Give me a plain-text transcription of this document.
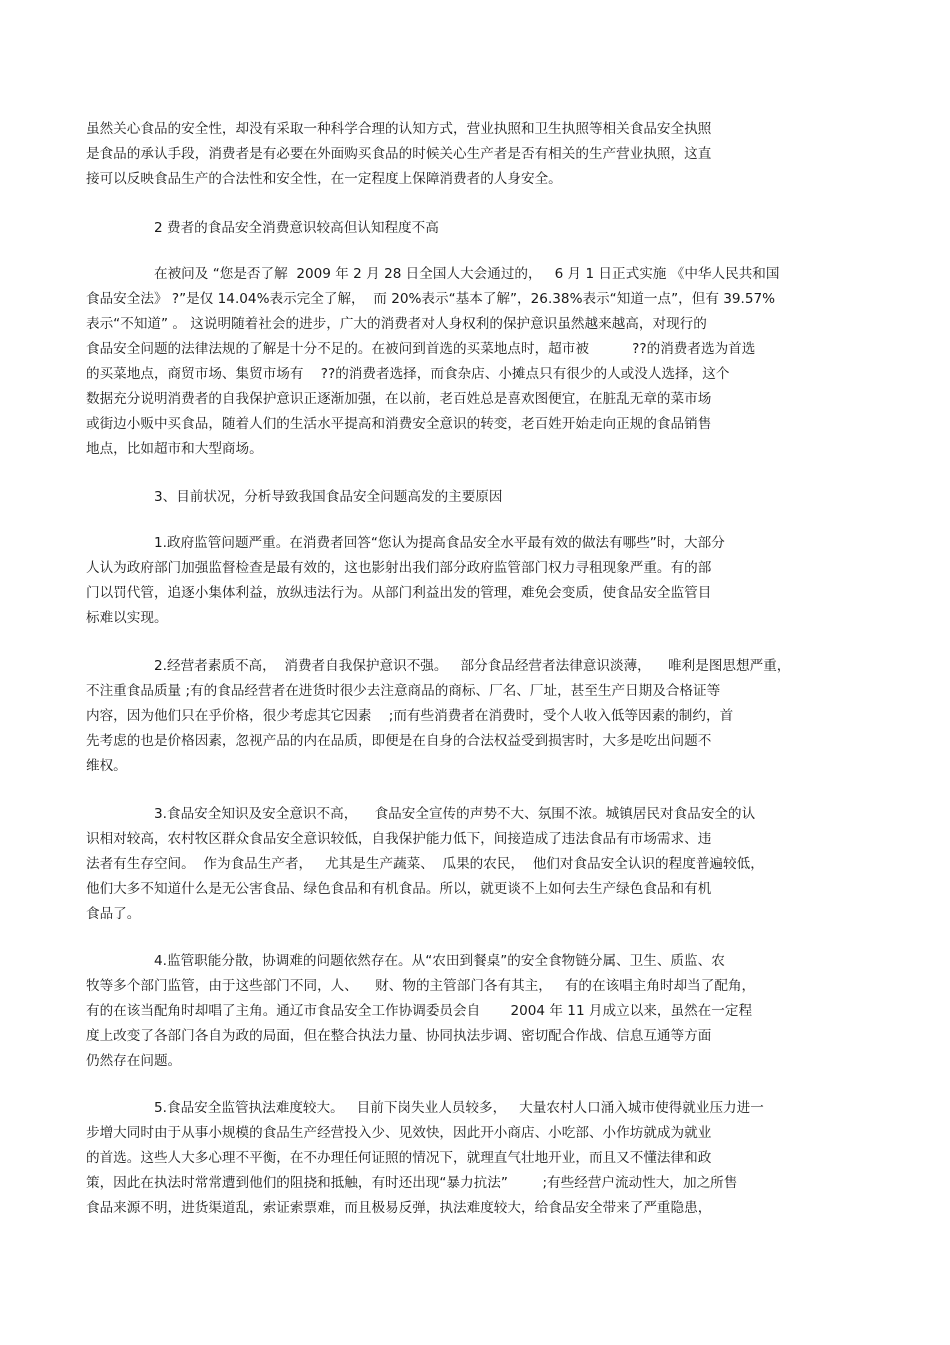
虽然关心食品的安全性，却没有采取一种科学合理的认知方式，营业执照和卫生执照等相关食品安全执照
是食品的承认手段，消费者是有必要在外面购买食品的时候关心生产者是否有相关的生产营业执照，这直
接可以反映食品生产的合法性和安全性，在一定程度上保障消费者的人身安全。
2 费者的食品安全消费意识较高但认知程度不高
在被问及 “您是否了解  2009 年 2 月 28 日全国人大会通过的，   6 月 1 日正式实施 《中华人民共和国
食品安全法》 ?”是仅 14.04%表示完全了解，  而 20%表示“基本了解”，26.38%表示“知道一点”，但有 39.57%
表示“不知道” 。 这说明随着社会的进步，广大的消费者对人身权利的保护意识虽然越来越高，对现行的
食品安全问题的法律法规的了解是十分不足的。在被问到首选的买菜地点时，超市被          ??的消费者选为首选
的买菜地点，商贸市场、集贸市场有    ??的消费者选择，而食杂店、小摊点只有很少的人或没人选择，这个
数据充分说明消费者的自我保护意识正逐渐加强，在以前，老百姓总是喜欢图便宜，在脏乱无章的菜市场
或街边小贩中买食品，随着人们的生活水平提高和消费安全意识的转变，老百姓开始走向正规的食品销售
地点，比如超市和大型商场。
3、目前状况，分析导致我国食品安全问题高发的主要原因
1.政府监管问题严重。在消费者回答“您认为提高食品安全水平最有效的做法有哪些”时，大部分
人认为政府部门加强监督检查是最有效的，这也影射出我们部分政府监管部门权力寻租现象严重。有的部
门以罚代管，追逐小集体利益，放纵违法行为。从部门利益出发的管理，难免会变质，使食品安全监管目
标难以实现。
2.经营者素质不高，  消费者自我保护意识不强。   部分食品经营者法律意识淡薄，    唯利是图思想严重，
不注重食品质量 ;有的食品经营者在进货时很少去注意商品的商标、厂名、厂址，甚至生产日期及合格证等
内容，因为他们只在乎价格，很少考虑其它因素    ;而有些消费者在消费时，受个人收入低等因素的制约，首
先考虑的也是价格因素，忽视产品的内在品质，即便是在自身的合法权益受到损害时，大多是吃出问题不
维权。
3.食品安全知识及安全意识不高，    食品安全宣传的声势不大、氛围不浓。城镇居民对食品安全的认
识相对较高，农村牧区群众食品安全意识较低，自我保护能力低下，间接造成了违法食品有市场需求、违
法者有生存空间。  作为食品生产者，   尤其是生产蔬菜、  瓜果的农民，  他们对食品安全认识的程度普遍较低，
他们大多不知道什么是无公害食品、绿色食品和有机食品。所以，就更谈不上如何去生产绿色食品和有机
食品了。
4.监管职能分散，协调难的问题依然存在。从“农田到餐桌”的安全食物链分属、卫生、质监、农
牧等多个部门监管，由于这些部门不同，人、    财、物的主管部门各有其主，   有的在该唱主角时却当了配角，
有的在该当配角时却唱了主角。通辽市食品安全工作协调委员会自       2004 年 11 月成立以来，虽然在一定程
度上改变了各部门各自为政的局面，但在整合执法力量、协同执法步调、密切配合作战、信息互通等方面
仍然存在问题。
5.食品安全监管执法难度较大。   目前下岗失业人员较多，   大量农村人口涌入城市使得就业压力进一
步增大同时由于从事小规模的食品生产经营投入少、见效快，因此开小商店、小吃部、小作坊就成为就业
的首选。这些人大多心理不平衡，在不办理任何证照的情况下，就理直气壮地开业，而且又不懂法律和政
策，因此在执法时常常遭到他们的阻挠和抵触，有时还出现“暴力抗法”        ;有些经营户流动性大，加之所售
食品来源不明，进货渠道乱，索证索票难，而且极易反弹，执法难度较大，给食品安全带来了严重隐患，
